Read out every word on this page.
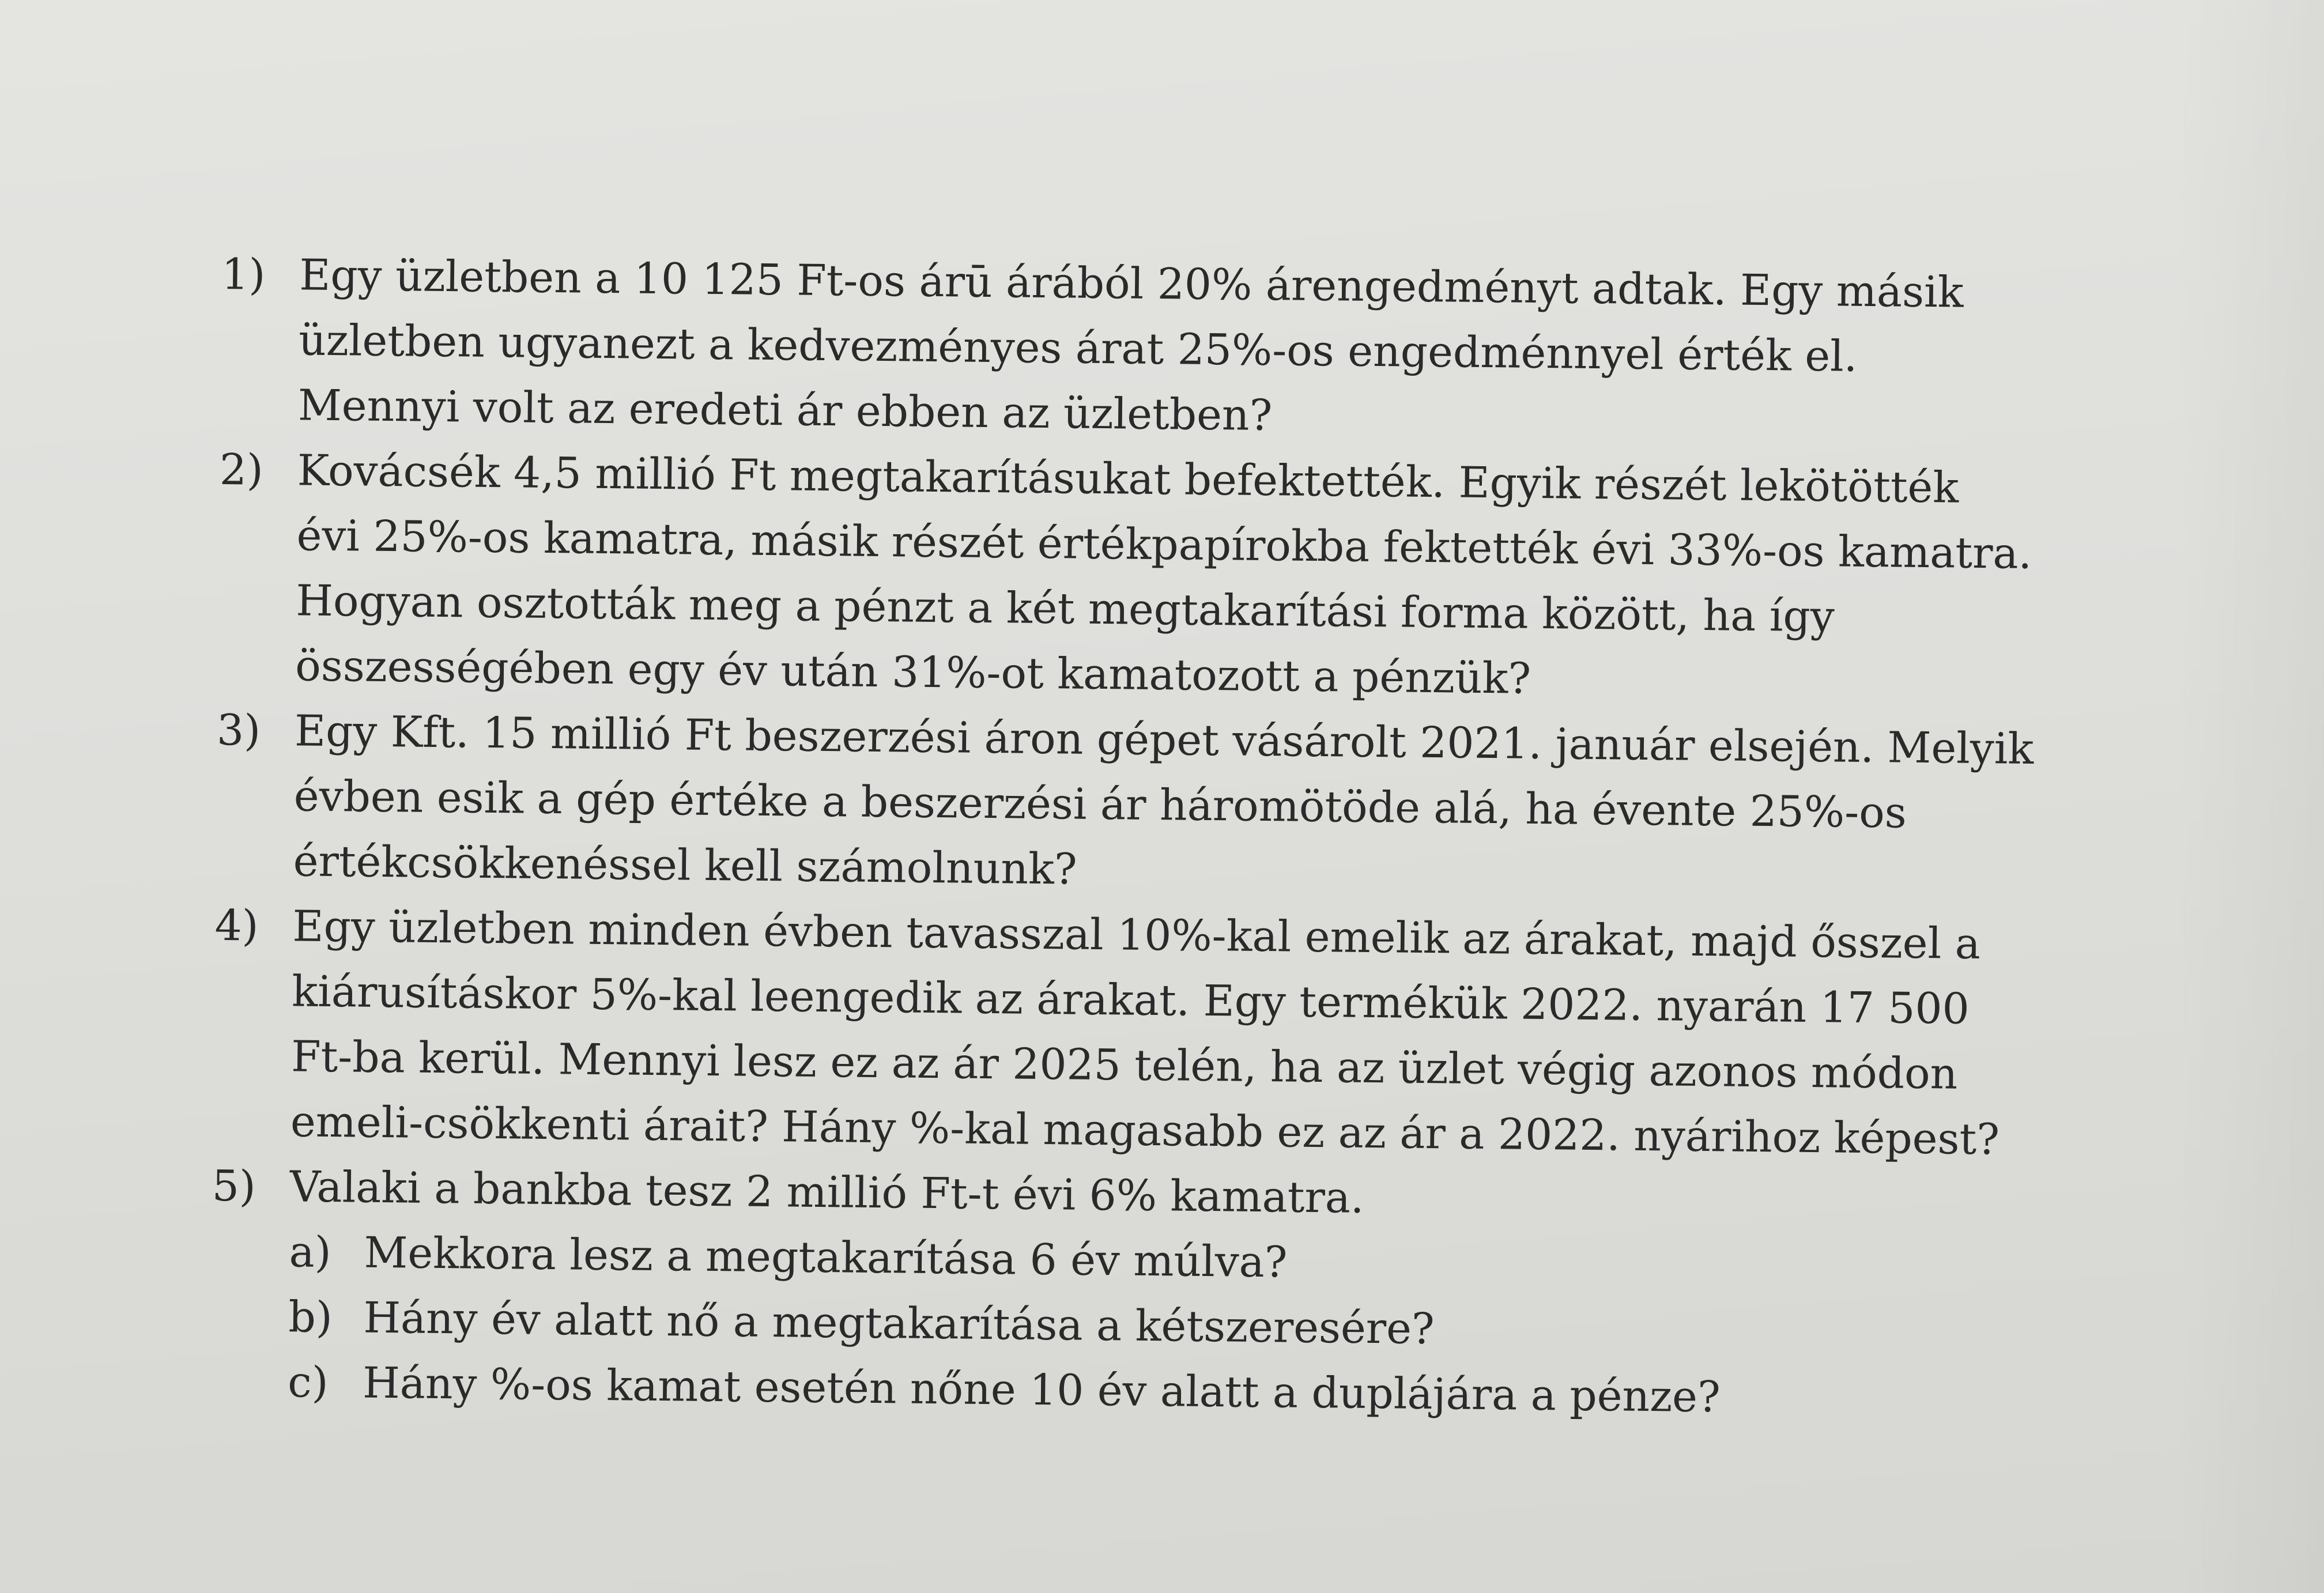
1) Egy üzletben a 10 125 Ft-os árū árából 20% árengedményt adtak. Egy másik
üzletben ugyanezt a kedvezményes árat 25%-os engedménnyel érték el.
Mennyi volt az eredeti ár ebben az üzletben?
2) Kovácsék 4,5 millió Ft megtakarításukat befektették. Egyik részét lekötötték
évi 25%-os kamatra, másik részét értékpapírokba fektették évi 33%-os kamatra.
Hogyan osztották meg a pénzt a két megtakarítási forma között, ha így
összességében egy év után 31%-ot kamatozott a pénzük?
3) Egy Kft. 15 millió Ft beszerzési áron gépet vásárolt 2021. január elsején. Melyik
évben esik a gép értéke a beszerzési ár háromötöde alá, ha évente 25%-os
értékcsökkenéssel kell számolnunk?
4) Egy üzletben minden évben tavasszal 10%-kal emelik az árakat, majd ősszel a
kiárusításkor 5%-kal leengedik az árakat. Egy termékük 2022. nyarán 17 500
Ft-ba kerül. Mennyi lesz ez az ár 2025 telén, ha az üzlet végig azonos módon
emeli-csökkenti árait? Hány %-kal magasabb ez az ár a 2022. nyárihoz képest?
5) Valaki a bankba tesz 2 millió Ft-t évi 6% kamatra.
a) Mekkora lesz a megtakarítása 6 év múlva?
b) Hány év alatt nő a megtakarítása a kétszeresére?
c) Hány %-os kamat esetén nőne 10 év alatt a duplájára a pénze?
